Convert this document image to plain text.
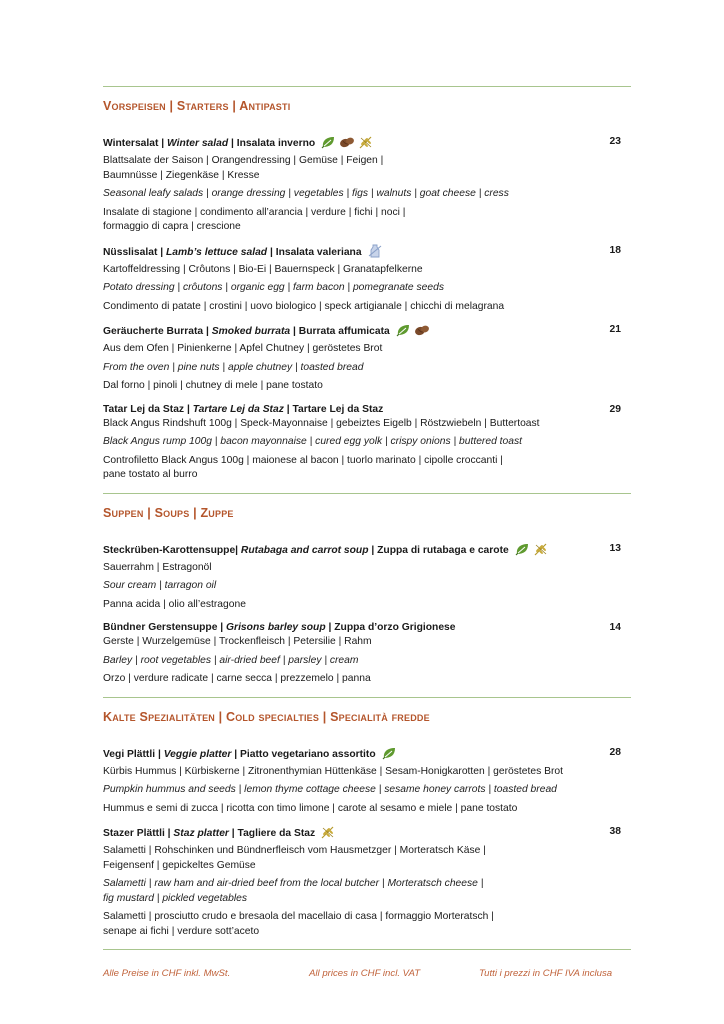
Vorspeisen | Starters | Antipasti
Wintersalat | Winter salad | Insalata inverno	23
Blattsalate der Saison | Orangendressing | Gemüse | Feigen |
Baumnüsse | Ziegenkäse | Kresse
Seasonal leafy salads | orange dressing | vegetables | figs | walnuts | goat cheese | cress
Insalate di stagione | condimento all’arancia | verdure | fichi | noci |
formaggio di capra | crescione
Nüsslisalat | Lamb’s lettuce salad | Insalata valeriana	18
Kartoffeldressing | Crôutons | Bio-Ei | Bauernspeck | Granatapfelkerne
Potato dressing | crôutons | organic egg | farm bacon | pomegranate seeds
Condimento di patate | crostini | uovo biologico | speck artigianale | chicchi di melagrana
Geräucherte Burrata | Smoked burrata | Burrata affumicata	21
Aus dem Ofen | Pinienkerne | Apfel Chutney | geröstetes Brot
From the oven | pine nuts | apple chutney | toasted bread
Dal forno | pinoli | chutney di mele | pane tostato
Tatar Lej da Staz | Tartare Lej da Staz | Tartare Lej da Staz	29
Black Angus Rindshuft 100g | Speck-Mayonnaise | gebeiztes Eigelb | Röstzwiebeln | Buttertoast
Black Angus rump 100g | bacon mayonnaise | cured egg yolk | crispy onions | buttered toast
Controfiletto Black Angus 100g | maionese al bacon | tuorlo marinato | cipolle croccanti |
pane tostato al burro
Suppen | Soups | Zuppe
Steckrüben-Karottensuppe| Rutabaga and carrot soup | Zuppa di rutabaga e carote	13
Sauerrahm | Estragonöl
Sour cream | tarragon oil
Panna acida | olio all’estragone
Bündner Gerstensuppe | Grisons barley soup | Zuppa d’orzo Grigionese	14
Gerste | Wurzelgemüse | Trockenfleisch | Petersilie | Rahm
Barley | root vegetables | air-dried beef | parsley | cream
Orzo | verdure radicate | carne secca | prezzemelo | panna
Kalte Spezialitäten | Cold specialties | Specialità fredde
Vegi Plättli | Veggie platter | Piatto vegetariano assortito	28
Kürbis Hummus | Kürbiskerne | Zitronenthymian Hüttenkäse | Sesam-Honigkarotten | geröstetes Brot
Pumpkin hummus and seeds | lemon thyme cottage cheese | sesame honey carrots | toasted bread
Hummus e semi di zucca | ricotta con timo limone | carote al sesamo e miele | pane tostato
Stazer Plättli | Staz platter | Tagliere da Staz	38
Salametti | Rohschinken und Bündnerfleisch vom Hausmetzger | Morteratsch Käse |
Feigensenf | gepickeltes Gemüse
Salametti | raw ham and air-dried beef from the local butcher | Morteratsch cheese |
fig mustard | pickled vegetables
Salametti | prosciutto crudo e bresaola del macellaio di casa | formaggio Morteratsch |
senape ai fichi | verdure sott’aceto
Alle Preise in CHF inkl. MwSt.	All prices in CHF incl. VAT	Tutti i prezzi in CHF IVA inclusa
